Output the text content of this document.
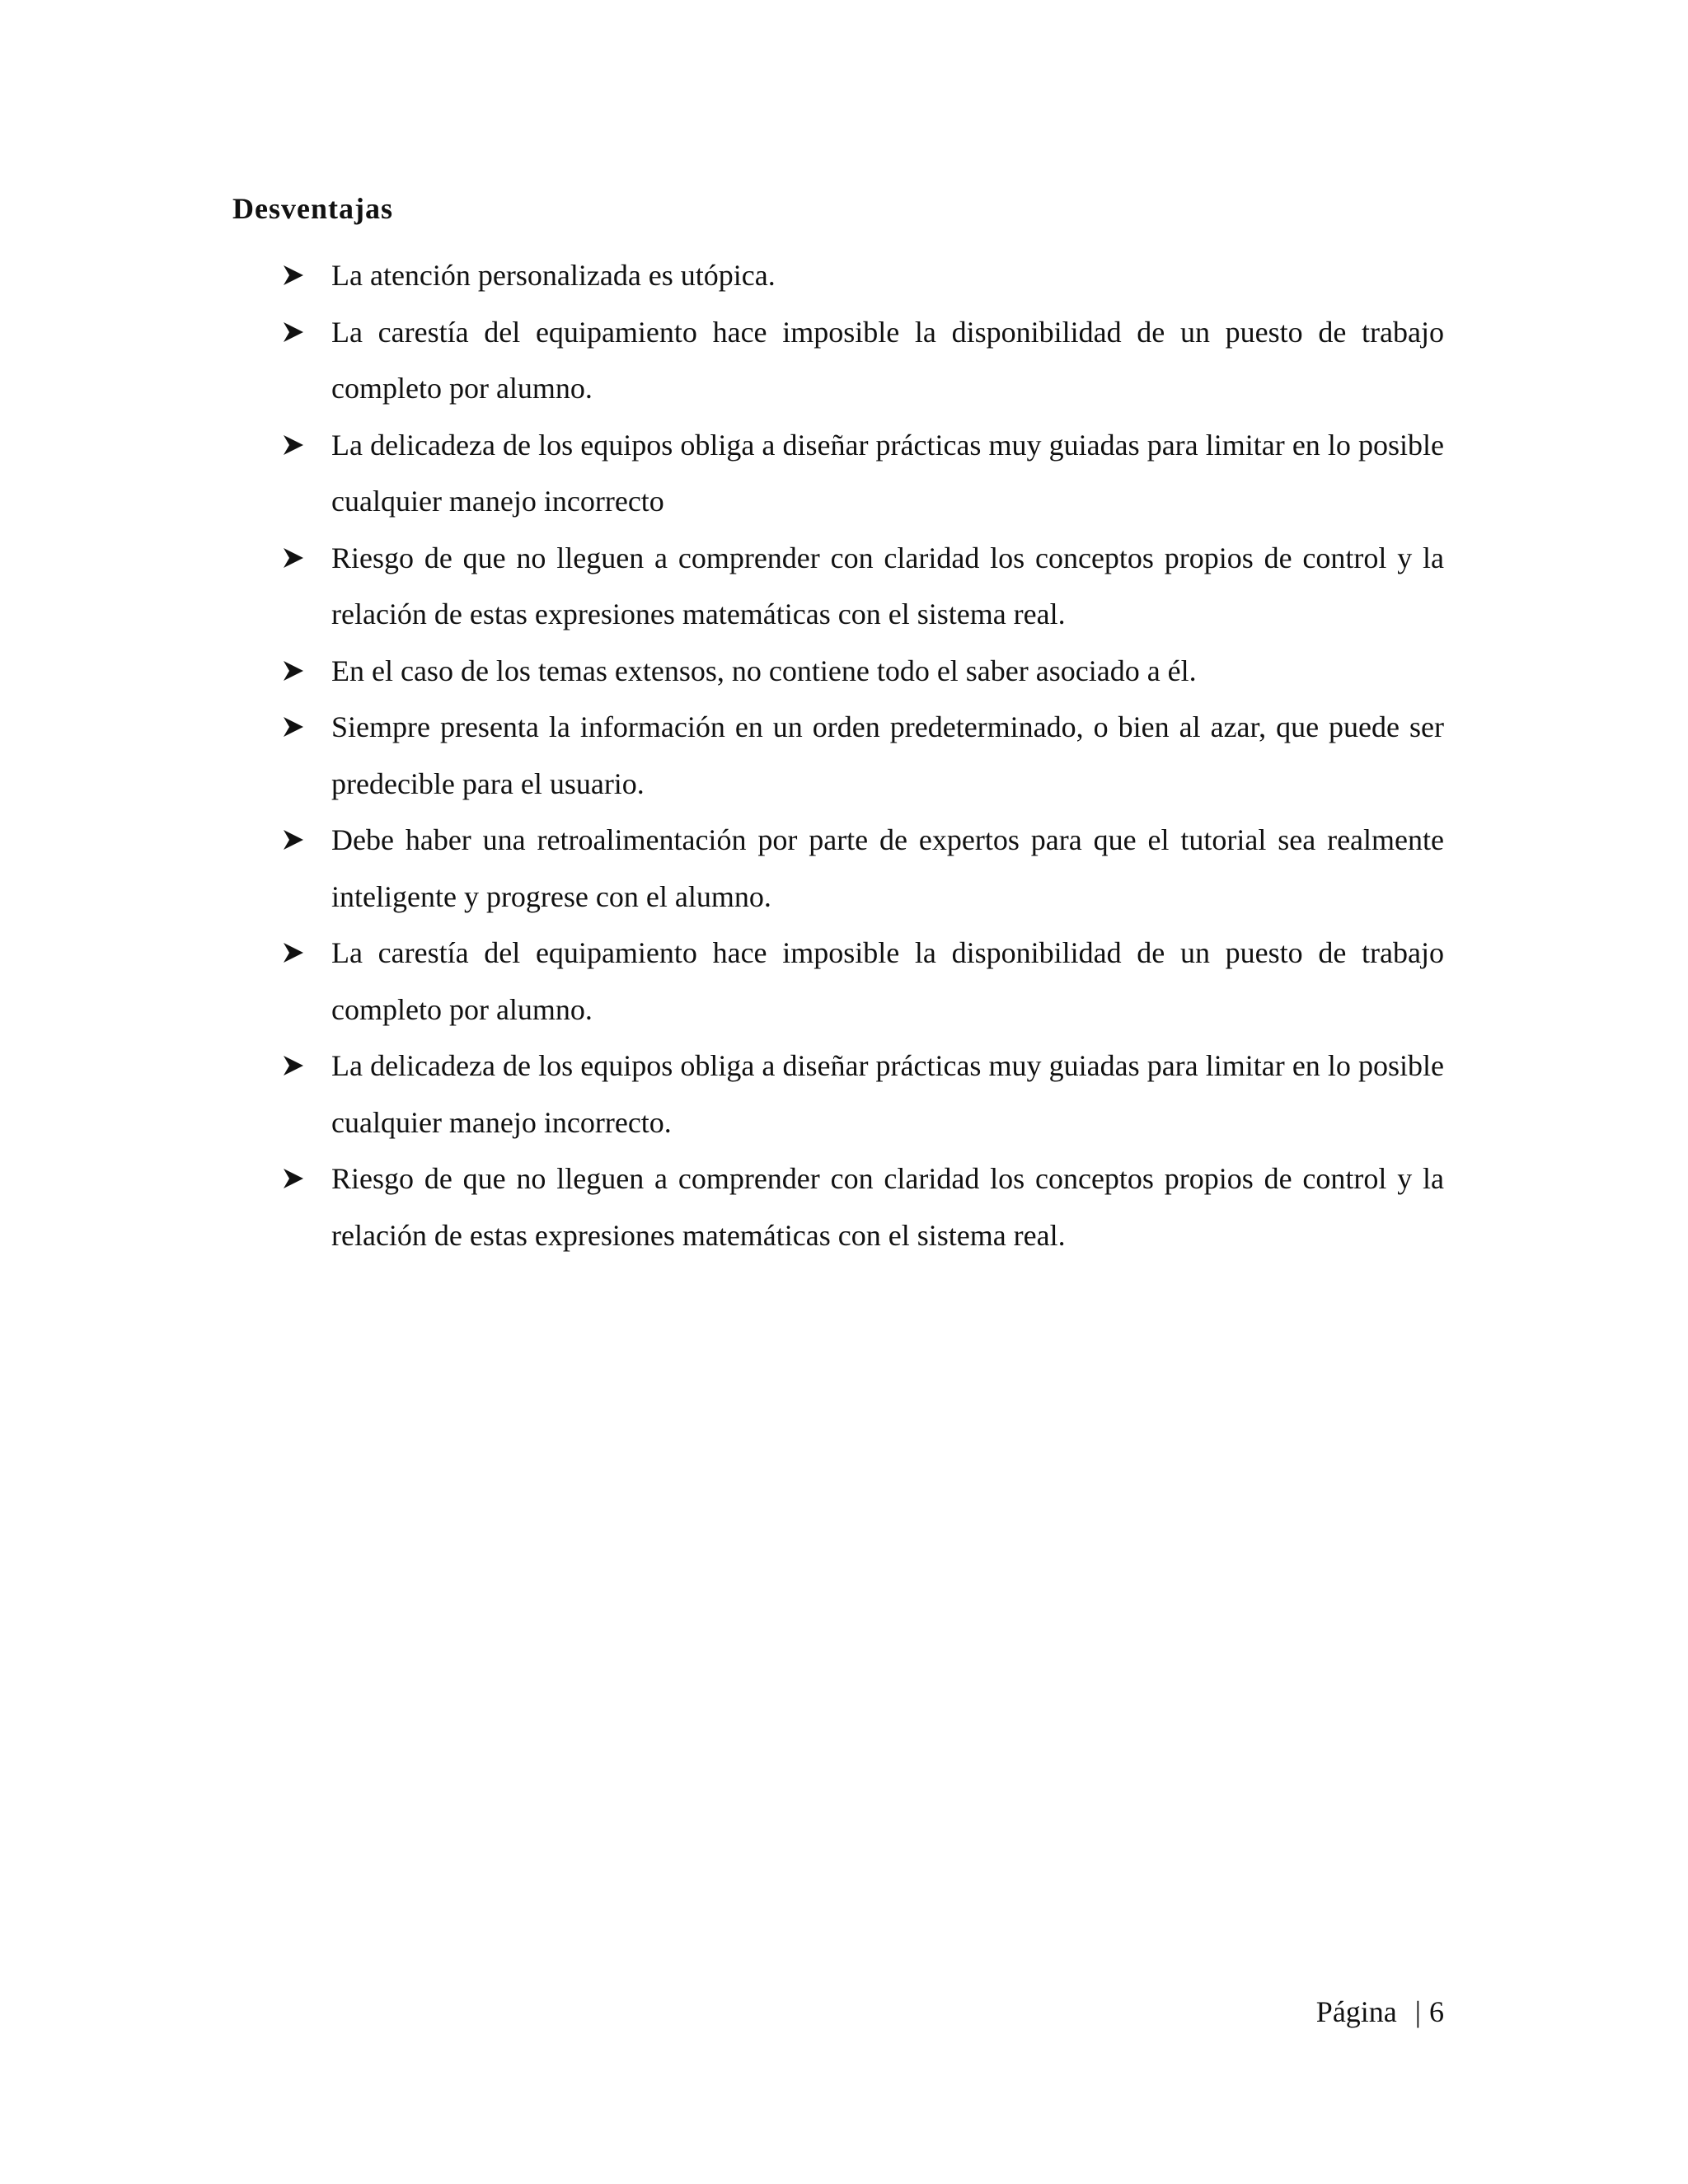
Desventajas
La atención personalizada es utópica.
La carestía del equipamiento hace imposible la disponibilidad de un puesto de trabajo completo por alumno.
La delicadeza de los equipos obliga a diseñar prácticas muy guiadas para limitar en lo posible cualquier manejo incorrecto
Riesgo de que no lleguen a comprender con claridad los conceptos propios de control y la relación de estas expresiones matemáticas con el sistema real.
En el caso de los temas extensos, no contiene todo el saber asociado a él.
Siempre presenta la información en un orden predeterminado, o bien al azar, que puede ser predecible para el usuario.
Debe haber una retroalimentación por parte de expertos para que el tutorial sea realmente inteligente y progrese con el alumno.
La carestía del equipamiento hace imposible la disponibilidad de un puesto de trabajo completo por alumno.
La delicadeza de los equipos obliga a diseñar prácticas muy guiadas para limitar en lo posible cualquier manejo incorrecto.
Riesgo de que no lleguen a comprender con claridad los conceptos propios de control y la relación de estas expresiones matemáticas con el sistema real.
Página | 6
